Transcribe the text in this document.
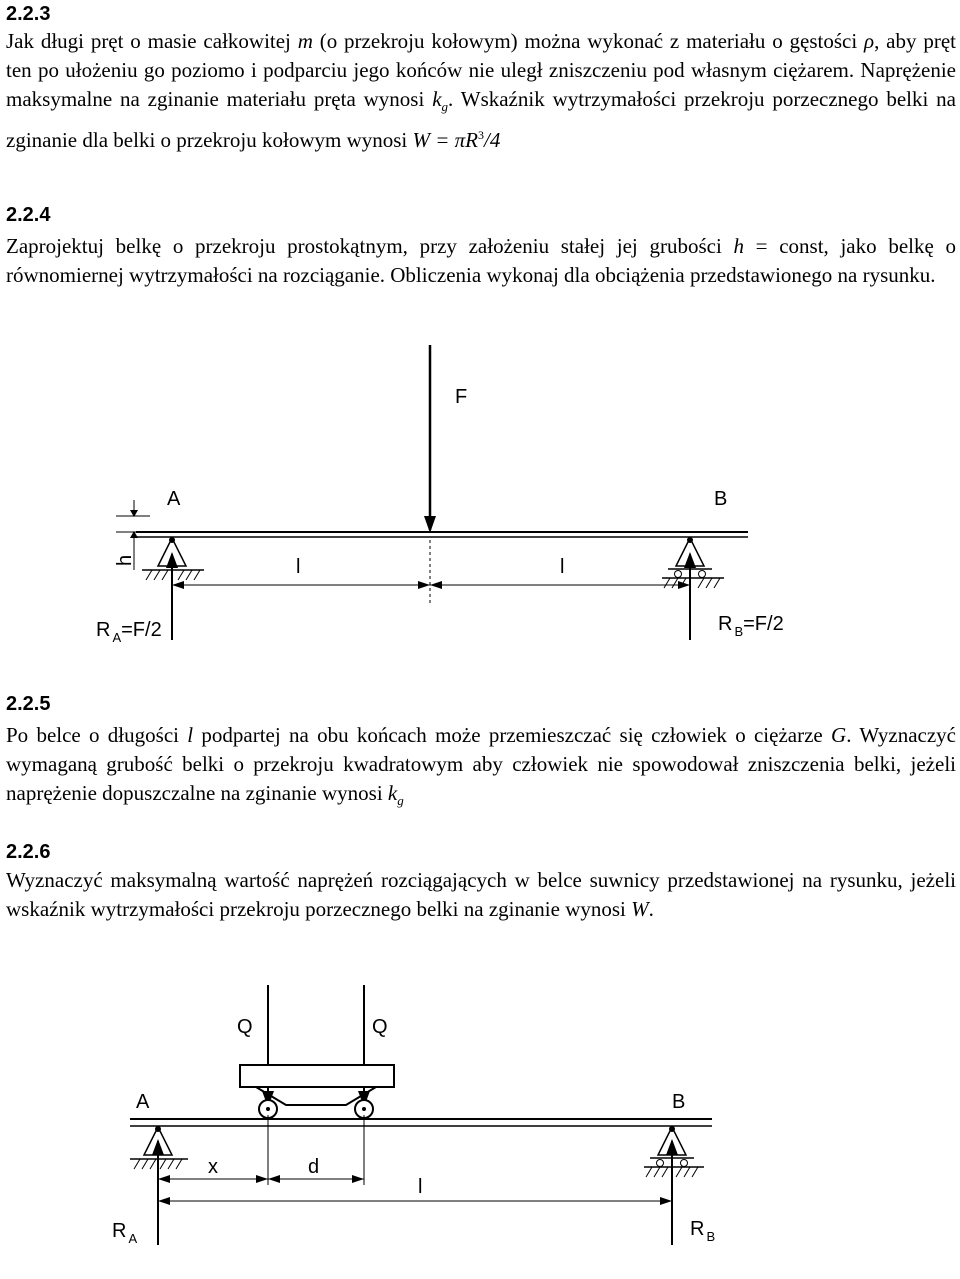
2.2.3
Jak długi pręt o masie całkowitej m (o przekroju kołowym) można wykonać z materiału o gęstości ρ, aby pręt ten po ułożeniu go poziomo i podparciu jego końców nie uległ zniszczeniu pod własnym ciężarem. Naprężenie maksymalne na zginanie materiału pręta wynosi $k_g$. Wskaźnik wytrzymałości przekroju porzecznego belki na zginanie dla belki o przekroju kołowym wynosi $W = \pi R^3/4$
2.2.4
Zaprojektuj belkę o przekroju prostokątnym, przy założeniu stałej jej grubości h = const, jako belkę o równomiernej wytrzymałości na rozciąganie. Obliczenia wykonaj dla obciążenia przedstawionego na rysunku.
F
A	B
h	l	l
R $_A$=F/2	R $_B$=F/2
2.2.5
Po belce o długości l podpartej na obu końcach może przemieszczać się człowiek o ciężarze G. Wyznaczyć wymaganą grubość belki o przekroju kwadratowym aby człowiek nie spowodował zniszczenia belki, jeżeli naprężenie dopuszczalne na zginanie wynosi $k_g$
2.2.6
Wyznaczyć maksymalną wartość naprężeń rozciągających w belce suwnicy przedstawionej na rysunku, jeżeli wskaźnik wytrzymałości przekroju porzecznego belki na zginanie wynosi W.
Q	Q
A	B
x	d
l
R $_A$	R $_B$
